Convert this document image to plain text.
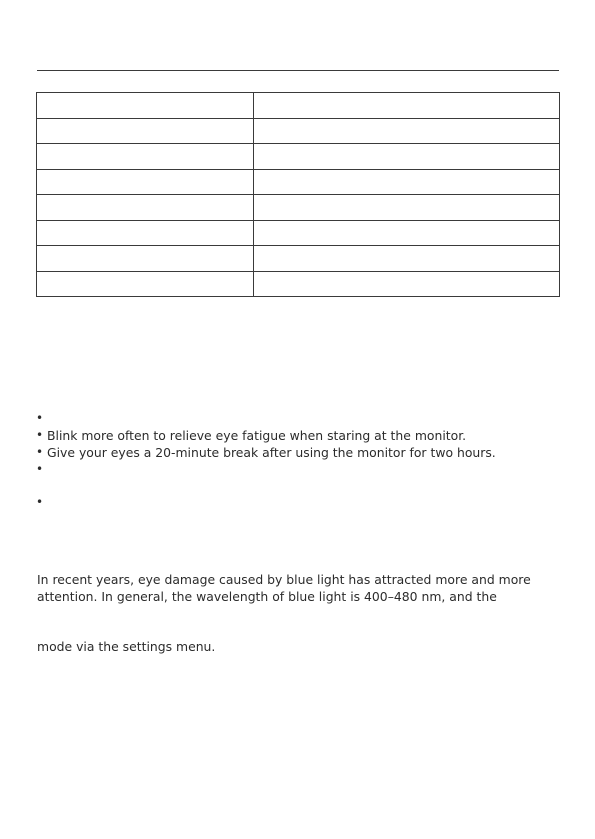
•
• Blink more often to relieve eye fatigue when staring at the monitor.
• Give your eyes a 20-minute break after using the monitor for two hours.
•
•
In recent years, eye damage caused by blue light has attracted more and more
attention. In general, the wavelength of blue light is 400–480 nm, and the
mode via the settings menu.
